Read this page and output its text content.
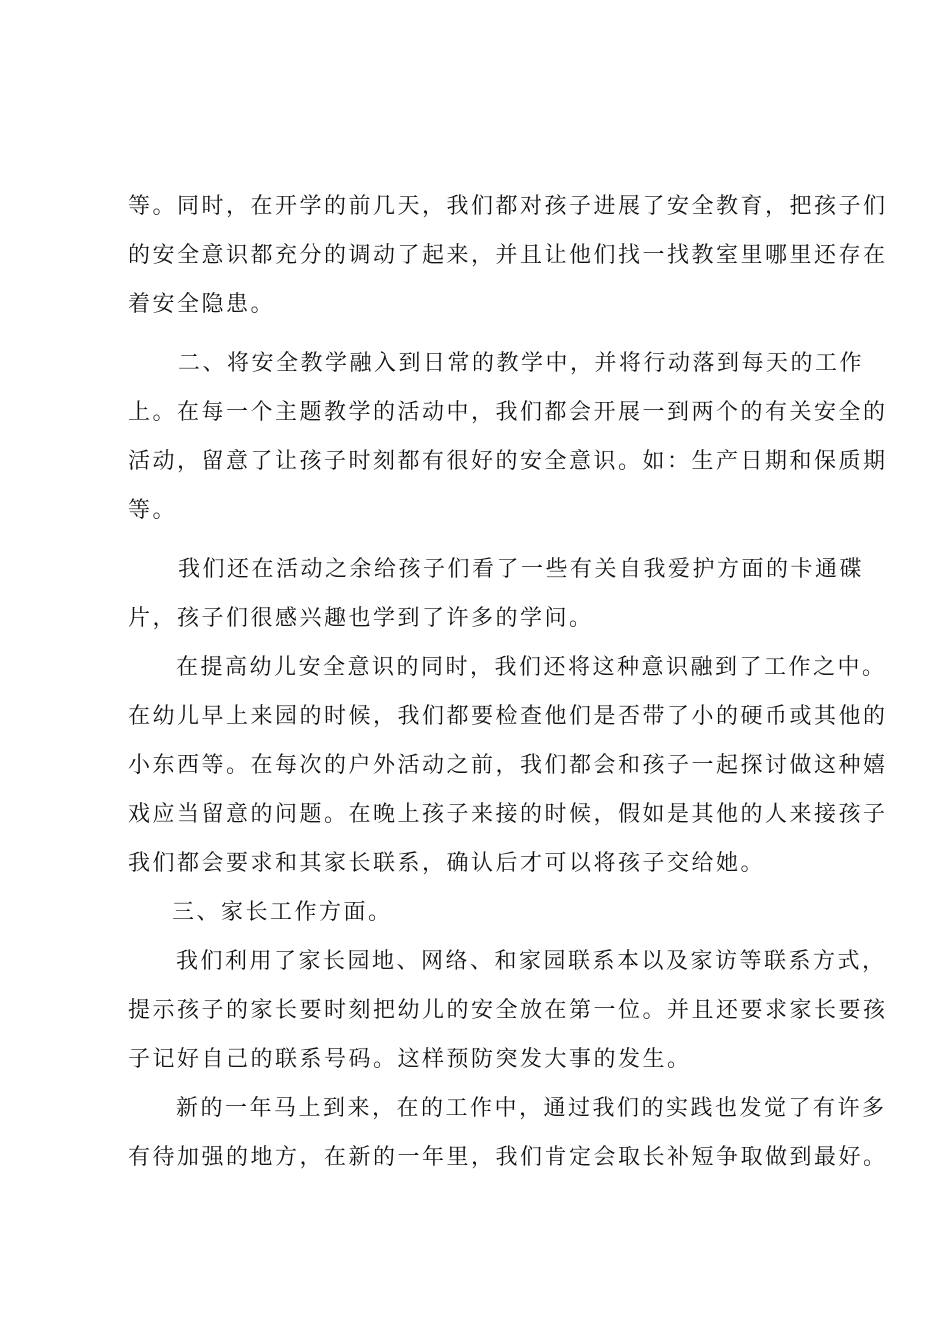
等。同时，在开学的前几天，我们都对孩子进展了安全教育，把孩子们
的安全意识都充分的调动了起来，并且让他们找一找教室里哪里还存在
着安全隐患。

二、将安全教学融入到日常的教学中，并将行动落到每天的工作
上。在每一个主题教学的活动中，我们都会开展一到两个的有关安全的
活动，留意了让孩子时刻都有很好的安全意识。如：生产日期和保质期
等。

我们还在活动之余给孩子们看了一些有关自我爱护方面的卡通碟
片，孩子们很感兴趣也学到了许多的学问。

在提高幼儿安全意识的同时，我们还将这种意识融到了工作之中。
在幼儿早上来园的时候，我们都要检查他们是否带了小的硬币或其他的
小东西等。在每次的户外活动之前，我们都会和孩子一起探讨做这种嬉
戏应当留意的问题。在晚上孩子来接的时候，假如是其他的人来接孩子
我们都会要求和其家长联系，确认后才可以将孩子交给她。

三、家长工作方面。

我们利用了家长园地、网络、和家园联系本以及家访等联系方式，
提示孩子的家长要时刻把幼儿的安全放在第一位。并且还要求家长要孩
子记好自己的联系号码。这样预防突发大事的发生。

新的一年马上到来，在的工作中，通过我们的实践也发觉了有许多
有待加强的地方，在新的一年里，我们肯定会取长补短争取做到最好。
